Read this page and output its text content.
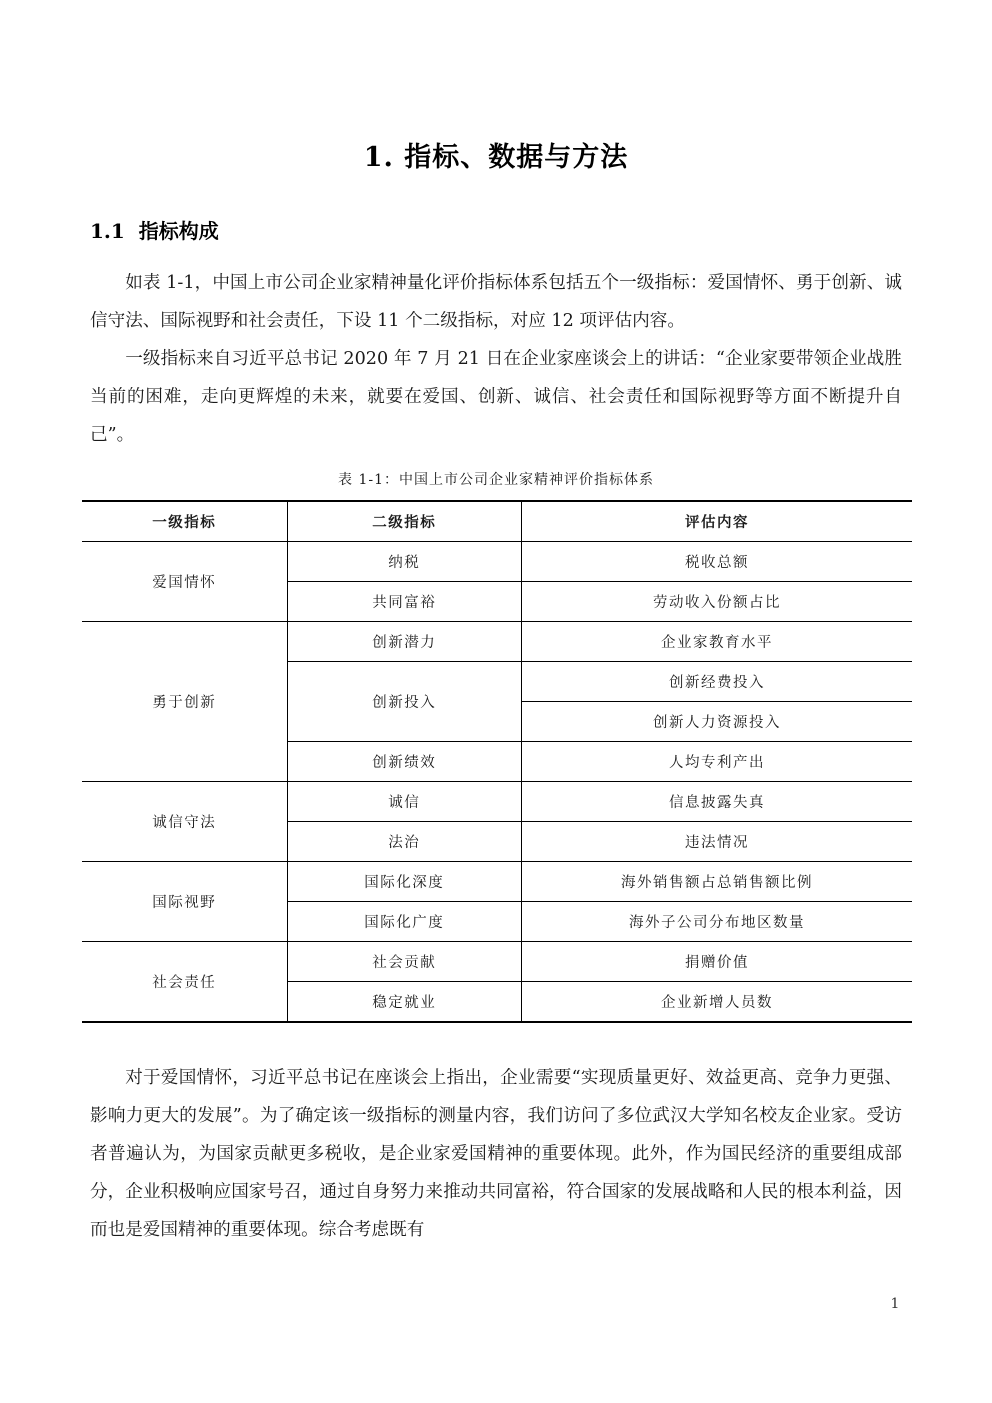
1. 指标、数据与方法
1.1 指标构成

如表 1-1，中国上市公司企业家精神量化评价指标体系包括五个一级指标：爱国情怀、勇于创新、诚信守法、国际视野和社会责任，下设 11 个二级指标，对应 12 项评估内容。

一级指标来自习近平总书记 2020 年 7 月 21 日在企业家座谈会上的讲话：“企业家要带领企业战胜当前的困难，走向更辉煌的未来，就要在爱国、创新、诚信、社会责任和国际视野等方面不断提升自己”。

表 1-1：中国上市公司企业家精神评价指标体系

一级指标	二级指标	评估内容
爱国情怀	纳税	税收总额
	共同富裕	劳动收入份额占比
勇于创新	创新潜力	企业家教育水平
	创新投入	创新经费投入
		创新人力资源投入
	创新绩效	人均专利产出
诚信守法	诚信	信息披露失真
	法治	违法情况
国际视野	国际化深度	海外销售额占总销售额比例
	国际化广度	海外子公司分布地区数量
社会责任	社会贡献	捐赠价值
	稳定就业	企业新增人员数

对于爱国情怀，习近平总书记在座谈会上指出，企业需要“实现质量更好、效益更高、竞争力更强、影响力更大的发展”。为了确定该一级指标的测量内容，我们访问了多位武汉大学知名校友企业家。受访者普遍认为，为国家贡献更多税收，是企业家爱国精神的重要体现。此外，作为国民经济的重要组成部分，企业积极响应国家号召，通过自身努力来推动共同富裕，符合国家的发展战略和人民的根本利益，因而也是爱国精神的重要体现。综合考虑既有

1
